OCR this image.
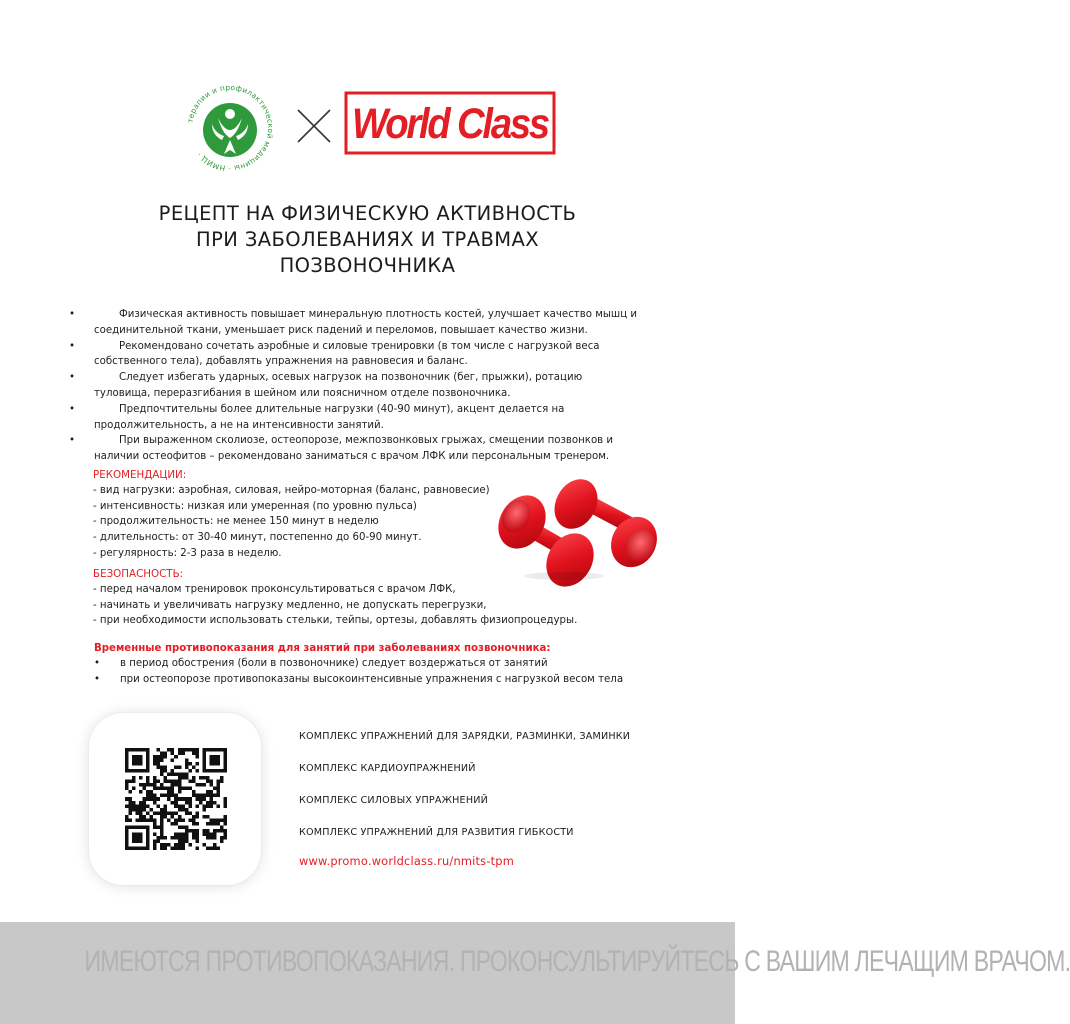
терапии и профилактической медицины · НМИЦ ·
World Class
РЕЦЕПТ НА ФИЗИЧЕСКУЮ АКТИВНОСТЬ
ПРИ ЗАБОЛЕВАНИЯХ И ТРАВМАХ
ПОЗВОНОЧНИКА
• Физическая активность повышает минеральную плотность костей, улучшает качество мышц и соединительной ткани, уменьшает риск падений и переломов, повышает качество жизни.
• Рекомендовано сочетать аэробные и силовые тренировки (в том числе с нагрузкой веса собственного тела), добавлять упражнения на равновесия и баланс.
• Следует избегать ударных, осевых нагрузок на позвоночник (бег, прыжки), ротацию туловища, переразгибания в шейном или поясничном отделе позвоночника.
• Предпочтительны более длительные нагрузки (40-90 минут), акцент делается на продолжительность, а не на интенсивности занятий.
• При выраженном сколиозе, остеопорозе, межпозвонковых грыжах, смещении позвонков и наличии остеофитов – рекомендовано заниматься с врачом ЛФК или персональным тренером.
РЕКОМЕНДАЦИИ:
- вид нагрузки: аэробная, силовая, нейро-моторная (баланс, равновесие)
- интенсивность: низкая или умеренная (по уровню пульса)
- продолжительность: не менее 150 минут в неделю
- длительность: от 30-40 минут, постепенно до 60-90 минут.
- регулярность: 2-3 раза в неделю.
БЕЗОПАСНОСТЬ:
- перед началом тренировок проконсультироваться с врачом ЛФК,
- начинать и увеличивать нагрузку медленно, не допускать перегрузки,
- при необходимости использовать стельки, тейпы, ортезы, добавлять физиопроцедуры.
Временные противопоказания для занятий при заболеваниях позвоночника:
• в период обострения (боли в позвоночнике) следует воздержаться от занятий
• при остеопорозе противопоказаны высокоинтенсивные упражнения с нагрузкой весом тела
КОМПЛЕКС УПРАЖНЕНИЙ ДЛЯ ЗАРЯДКИ, РАЗМИНКИ, ЗАМИНКИ
КОМПЛЕКС КАРДИОУПРАЖНЕНИЙ
КОМПЛЕКС СИЛОВЫХ УПРАЖНЕНИЙ
КОМПЛЕКС УПРАЖНЕНИЙ ДЛЯ РАЗВИТИЯ ГИБКОСТИ
www.promo.worldclass.ru/nmits-tpm
ИМЕЮТСЯ ПРОТИВОПОКАЗАНИЯ. ПРОКОНСУЛЬТИРУЙТЕСЬ С ВАШИМ ЛЕЧАЩИМ ВРАЧОМ.
